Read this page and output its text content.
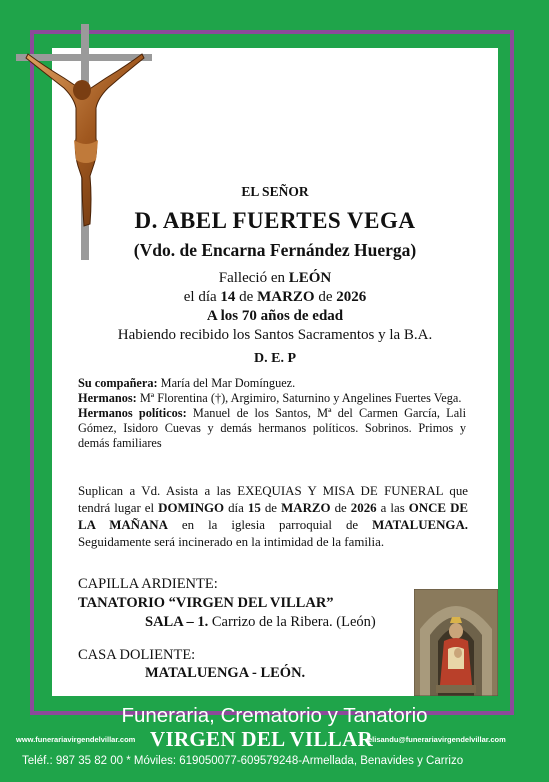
EL SEÑOR
D. ABEL FUERTES VEGA
(Vdo. de Encarna Fernández Huerga)
Falleció en LEÓN
el día 14 de MARZO de 2026
A los 70 años de edad
Habiendo recibido los Santos Sacramentos y la B.A.
D. E. P

Su compañera: María del Mar Domínguez.

Hermanos: Mª Florentina (†), Argimiro, Saturnino y Angelines Fuertes Vega.

Hermanos políticos: Manuel de los Santos, Mª del Carmen García, Lali Gómez, Isidoro Cuevas y demás hermanos políticos. Sobrinos. Primos y demás familiares

Suplican a Vd. Asista a las EXEQUIAS Y MISA DE FUNERAL que tendrá lugar el DOMINGO día 15 de MARZO de 2026 a las ONCE DE LA MAÑANA en la iglesia parroquial de MATALUENGA. Seguidamente será incinerado en la intimidad de la familia.
CAPILLA ARDIENTE:
TANATORIO “VIRGEN DEL VILLAR”
SALA – 1. Carrizo de la Ribera. (León)
CASA DOLIENTE:
MATALUENGA - LEÓN.
Funeraria, Crematorio y Tanatorio
www.funerariavirgendelvillar.com VIRGEN DEL VILLAR
elisandu@funerariavirgendelvillar.com
Teléf.: 987 35 82 00 * Móviles: 619050077-609579248-Armellada, Benavides y Carrizo
